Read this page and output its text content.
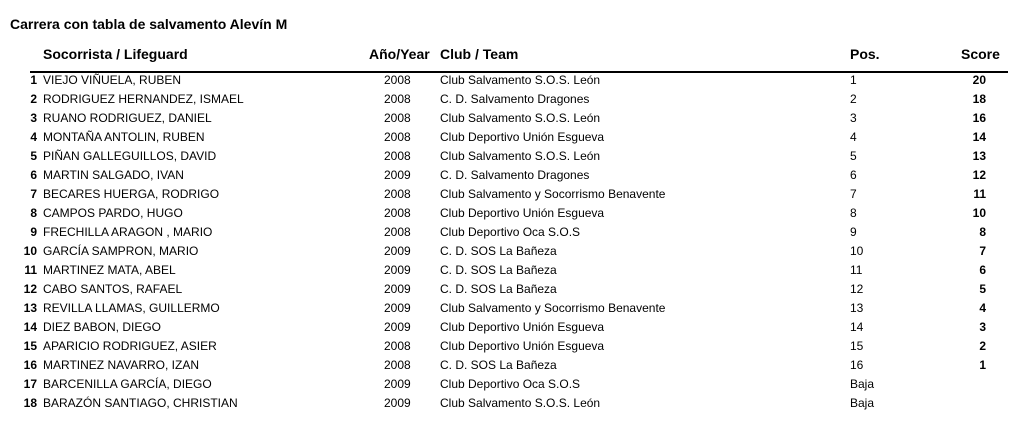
Carrera con tabla de salvamento Alevín M
Socorrista / Lifeguard	Año/Year Club / Team	Pos.	Score
1 VIEJO VIÑUELA, RUBEN	2008 Club Salvamento S.O.S. León	1	20
2 RODRIGUEZ HERNANDEZ, ISMAEL	2008 C. D. Salvamento Dragones	2	18
3 RUANO RODRIGUEZ, DANIEL	2008 Club Salvamento S.O.S. León	3	16
4 MONTAÑA ANTOLIN, RUBEN	2008 Club Deportivo Unión Esgueva	4	14
5 PIÑAN GALLEGUILLOS, DAVID	2008 Club Salvamento S.O.S. León	5	13
6 MARTIN SALGADO, IVAN	2009 C. D. Salvamento Dragones	6	12
7 BECARES HUERGA, RODRIGO	2008 Club Salvamento y Socorrismo Benavente	7	11
8 CAMPOS PARDO, HUGO	2008 Club Deportivo Unión Esgueva	8	10
9 FRECHILLA ARAGON , MARIO	2008 Club Deportivo Oca S.O.S	9	8
10 GARCÍA SAMPRON, MARIO	2009 C. D. SOS La Bañeza	10	7
11 MARTINEZ MATA, ABEL	2009 C. D. SOS La Bañeza	11	6
12 CABO SANTOS, RAFAEL	2009 C. D. SOS La Bañeza	12	5
13 REVILLA LLAMAS, GUILLERMO	2009 Club Salvamento y Socorrismo Benavente	13	4
14 DIEZ BABON, DIEGO	2009 Club Deportivo Unión Esgueva	14	3
15 APARICIO RODRIGUEZ, ASIER	2008 Club Deportivo Unión Esgueva	15	2
16 MARTINEZ NAVARRO, IZAN	2008 C. D. SOS La Bañeza	16	1
17 BARCENILLA GARCÍA, DIEGO	2009 Club Deportivo Oca S.O.S	Baja
18 BARAZÓN SANTIAGO, CHRISTIAN	2009 Club Salvamento S.O.S. León	Baja
